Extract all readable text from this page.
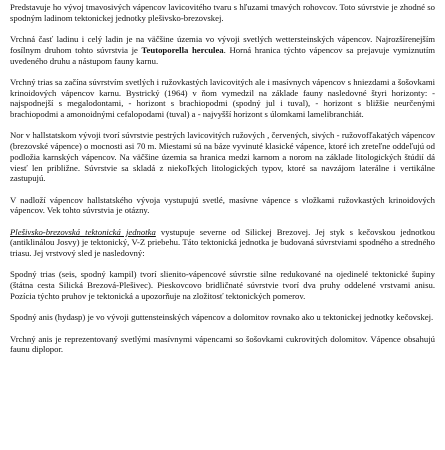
Predstavuje ho vývoj tmavosivých vápencov lavicovitého tvaru s hľuzami tmavých rohovcov. Toto súvrstvie je zhodné so spodným ladinom tektonickej jednotky plešivsko-brezovskej.

Vrchná časť ladinu i celý ladin je na väčšine územia vo vývoji svetlých wettersteinských vápencov. Najrozšírenejším fosílnym druhom tohto súvrstvia je Teutoporella herculea. Horná hranica týchto vápencov sa prejavuje vymiznutím uvedeného druhu a nástupom fauny karnu.

Vrchný trias sa začína súvrstvím svetlých i ružovkastých lavicovitých ale i masívnych vápencov s hniezdami a šošovkami krinoidových vápencov karnu. Bystrický (1964) v ňom vymedzil na základe fauny nasledovné štyri horizonty: - najspodnejší s megalodontami, - horizont s brachiopodmi (spodný jul i tuval), - horizont s bližšie neurčenými brachiopodmi a amonoidnými cefalopodami (tuval) a - najvyšší horizont s úlomkami lamelibranchiát.

Nor v hallstatskom vývoji tvorí súvrstvie pestrých lavicovitých ružových , červených, sivých - ružovofľakatých vápencov (brezovské vápence) o mocnosti asi 70 m. Miestami sú na báze vyvinuté klasické vápence, ktoré ich zreteľne oddeľujú od podložia karnských vápencov. Na väčšine územia sa hranica medzi karnom a norom na základe litologických štúdií dá viesť len približne. Súvrstvie sa skladá z niekoľkých litologických typov, ktoré sa navzájom laterálne i vertikálne zastupujú.

V nadloží vápencov hallstatského vývoja vystupujú svetlé, masívne vápence s vložkami ružovkastých krinoidových vápencov. Vek tohto súvrstvia je otázny.

Plešivsko-brezovská tektonická jednotka vystupuje severne od Silickej Brezovej. Jej styk s kečovskou jednotkou (antiklinálou Josvy) je tektonický, V-Z priebehu. Táto tektonická jednotka je budovaná súvrstviami spodného a stredného triasu. Jej vrstvový sled je nasledovný:

Spodný trias (seis, spodný kampil) tvorí slienito-vápencové súvrstie silne redukované na ojedinelé tektonické šupiny (štátna cesta Silická Brezová-Plešivec). Pieskovcovo bridličnaté súvrstvie tvorí dva pruhy oddelené vrstvami anisu. Pozícia týchto pruhov je tektonická a upozorňuje na zložitosť tektonických pomerov.

Spodný anis (hydasp) je vo vývoji guttensteinských vápencov a dolomitov rovnako ako u tektonickej jednotky kečovskej.

Vrchný anis je reprezentovaný svetlými masívnymi vápencami so šošovkami cukrovitých dolomitov. Vápence obsahujú faunu diplopor.
